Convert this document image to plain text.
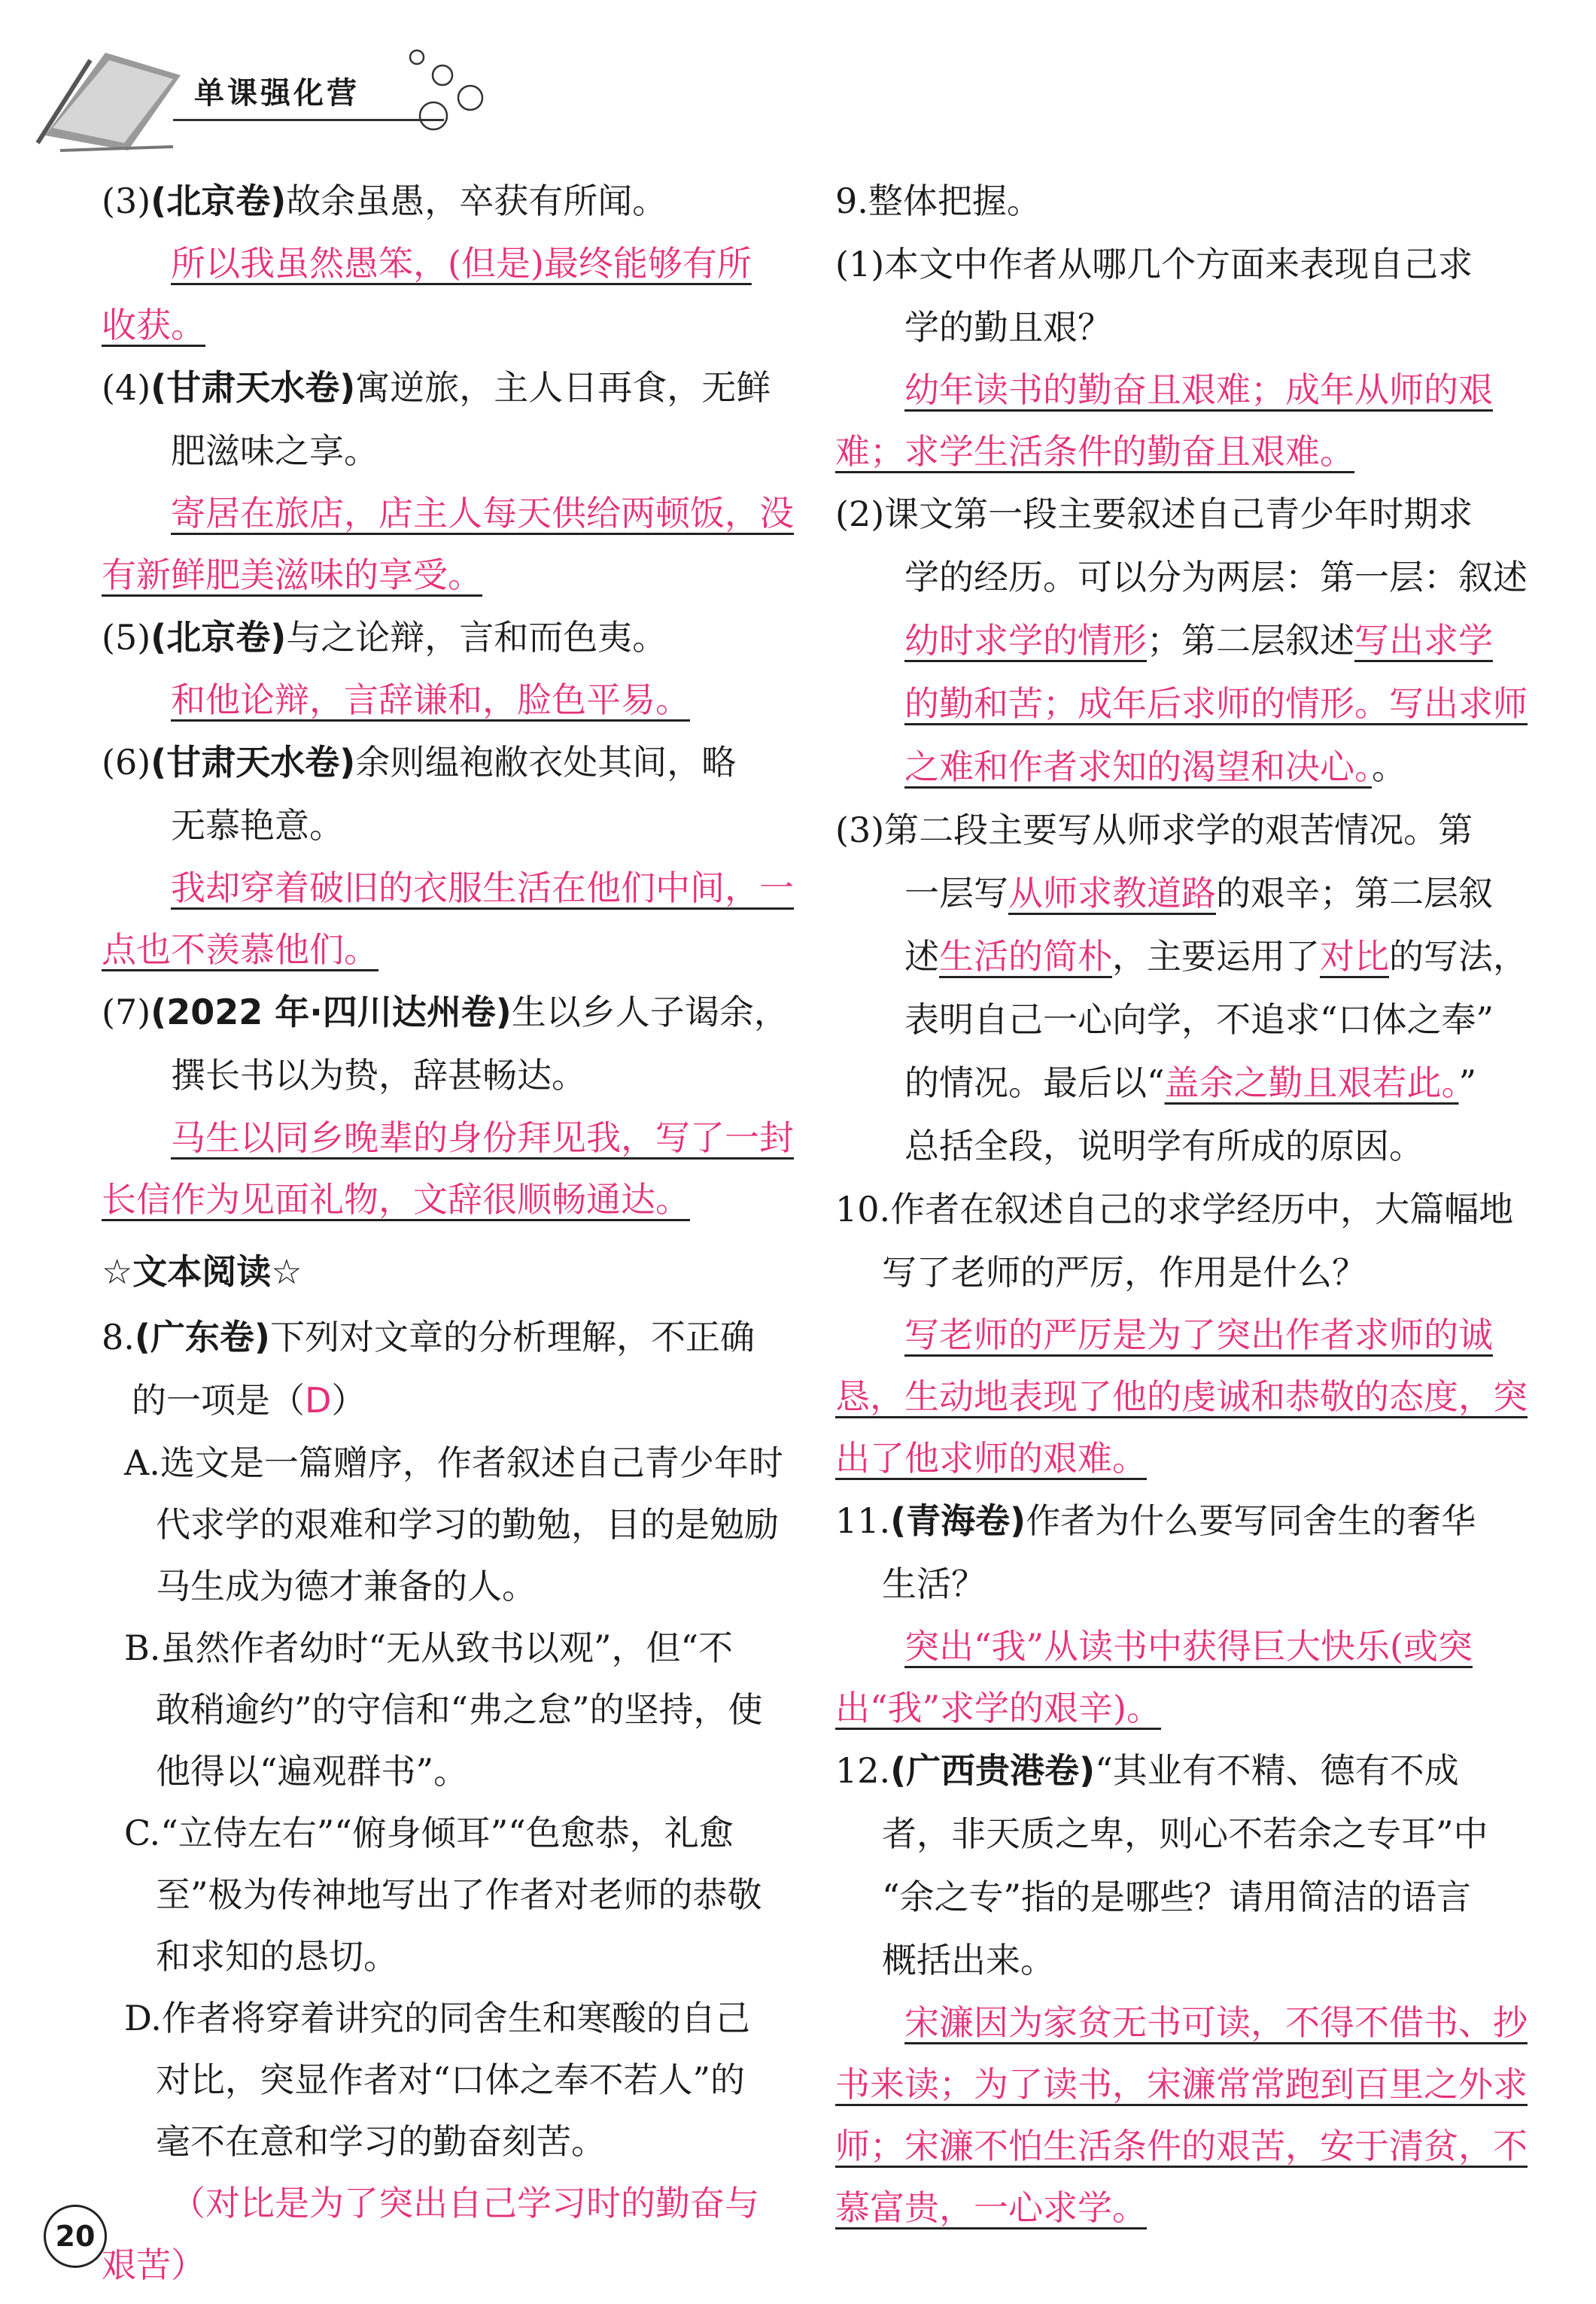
单课强化营

(3)(北京卷)故余虽愚，卒获有所闻。

所以我虽然愚笨，(但是)最终能够有所

收获。

(4)(甘肃天水卷)寓逆旅，主人日再食，无鲜

肥滋味之享。

寄居在旅店，店主人每天供给两顿饭，没

有新鲜肥美滋味的享受。

(5)(北京卷)与之论辩，言和而色夷。

和他论辩，言辞谦和，脸色平易。

(6)(甘肃天水卷)余则缊袍敝衣处其间，略

无慕艳意。

我却穿着破旧的衣服生活在他们中间，一

点也不羡慕他们。

(7)(2022 年·四川达州卷)生以乡人子谒余，

撰长书以为贽，辞甚畅达。

马生以同乡晚辈的身份拜见我，写了一封

长信作为见面礼物，文辞很顺畅通达。

☆文本阅读☆

8.(广东卷)下列对文章的分析理解，不正确

的一项是（D）

A.选文是一篇赠序，作者叙述自己青少年时

代求学的艰难和学习的勤勉，目的是勉励

马生成为德才兼备的人。

B.虽然作者幼时“无从致书以观”，但“不

敢稍逾约”的守信和“弗之怠”的坚持，使

他得以“遍观群书”。

C.“立侍左右”“俯身倾耳”“色愈恭，礼愈

至”极为传神地写出了作者对老师的恭敬

和求知的恳切。

D.作者将穿着讲究的同舍生和寒酸的自己

对比，突显作者对“口体之奉不若人”的

毫不在意和学习的勤奋刻苦。

（对比是为了突出自己学习时的勤奋与

艰苦）

9.整体把握。

(1)本文中作者从哪几个方面来表现自己求

学的勤且艰？

幼年读书的勤奋且艰难；成年从师的艰

难；求学生活条件的勤奋且艰难。

(2)课文第一段主要叙述自己青少年时期求

学的经历。可以分为两层：第一层：叙述

幼时求学的情形；第二层叙述写出求学

的勤和苦；成年后求师的情形。写出求师

之难和作者求知的渴望和决心。。

(3)第二段主要写从师求学的艰苦情况。第

一层写从师求教道路的艰辛；第二层叙

述生活的简朴，主要运用了对比的写法，

表明自己一心向学，不追求“口体之奉”

的情况。最后以“盖余之勤且艰若此。”

总括全段，说明学有所成的原因。

10.作者在叙述自己的求学经历中，大篇幅地

写了老师的严厉，作用是什么？

写老师的严厉是为了突出作者求师的诚

恳，生动地表现了他的虔诚和恭敬的态度，突

出了他求师的艰难。

11.(青海卷)作者为什么要写同舍生的奢华

生活？

突出“我”从读书中获得巨大快乐(或突

出“我”求学的艰辛)。

12.(广西贵港卷)“其业有不精、德有不成

者，非天质之卑，则心不若余之专耳”中

“余之专”指的是哪些？请用简洁的语言

概括出来。

宋濂因为家贫无书可读，不得不借书、抄

书来读；为了读书，宋濂常常跑到百里之外求

师；宋濂不怕生活条件的艰苦，安于清贫，不

慕富贵，一心求学。

20
